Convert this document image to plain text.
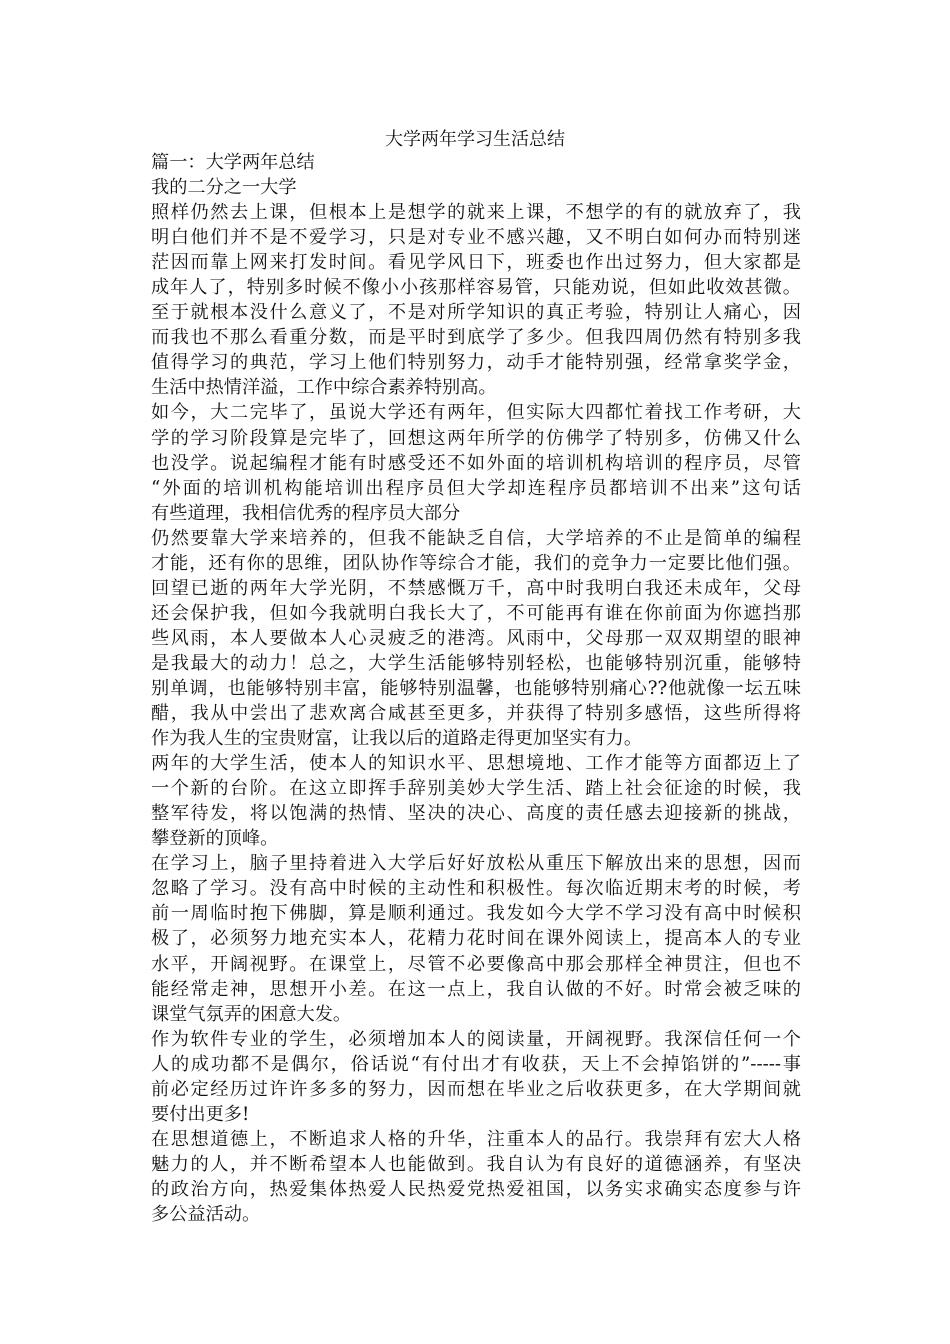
大学两年学习生活总结
篇一：大学两年总结
我的二分之一大学
照样仍然去上课，但根本上是想学的就来上课，不想学的有的就放弃了，我
明白他们并不是不爱学习，只是对专业不感兴趣，又不明白如何办而特别迷
茫因而靠上网来打发时间。看见学风日下，班委也作出过努力，但大家都是
成年人了，特别多时候不像小小孩那样容易管，只能劝说，但如此收效甚微。
至于就根本没什么意义了，不是对所学知识的真正考验，特别让人痛心，因
而我也不那么看重分数，而是平时到底学了多少。但我四周仍然有特别多我
值得学习的典范，学习上他们特别努力，动手才能特别强，经常拿奖学金，
生活中热情洋溢，工作中综合素养特别高。
如今，大二完毕了，虽说大学还有两年，但实际大四都忙着找工作考研，大
学的学习阶段算是完毕了，回想这两年所学的仿佛学了特别多，仿佛又什么
也没学。说起编程才能有时感受还不如外面的培训机构培训的程序员，尽管
“外面的培训机构能培训出程序员但大学却连程序员都培训不出来”这句话
有些道理，我相信优秀的程序员大部分
仍然要靠大学来培养的，但我不能缺乏自信，大学培养的不止是简单的编程
才能，还有你的思维，团队协作等综合才能，我们的竞争力一定要比他们强。
回望已逝的两年大学光阴，不禁感慨万千，高中时我明白我还未成年，父母
还会保护我，但如今我就明白我长大了，不可能再有谁在你前面为你遮挡那
些风雨，本人要做本人心灵疲乏的港湾。风雨中，父母那一双双期望的眼神
是我最大的动力！总之，大学生活能够特别轻松，也能够特别沉重，能够特
别单调，也能够特别丰富，能够特别温馨，也能够特别痛心??他就像一坛五味
醋，我从中尝出了悲欢离合咸甚至更多，并获得了特别多感悟，这些所得将
作为我人生的宝贵财富，让我以后的道路走得更加坚实有力。
两年的大学生活，使本人的知识水平、思想境地、工作才能等方面都迈上了
一个新的台阶。在这立即挥手辞别美妙大学生活、踏上社会征途的时候，我
整军待发，将以饱满的热情、坚决的决心、高度的责任感去迎接新的挑战，
攀登新的顶峰。
在学习上，脑子里持着进入大学后好好放松从重压下解放出来的思想，因而
忽略了学习。没有高中时候的主动性和积极性。每次临近期末考的时候，考
前一周临时抱下佛脚，算是顺利通过。我发如今大学不学习没有高中时候积
极了，必须努力地充实本人，花精力花时间在课外阅读上，提高本人的专业
水平，开阔视野。在课堂上，尽管不必要像高中那会那样全神贯注，但也不
能经常走神，思想开小差。在这一点上，我自认做的不好。时常会被乏味的
课堂气氛弄的困意大发。
作为软件专业的学生，必须增加本人的阅读量，开阔视野。我深信任何一个
人的成功都不是偶尔，俗话说“有付出才有收获，天上不会掉馅饼的”-----事
前必定经历过许许多多的努力，因而想在毕业之后收获更多，在大学期间就
要付出更多!
在思想道德上，不断追求人格的升华，注重本人的品行。我崇拜有宏大人格
魅力的人，并不断希望本人也能做到。我自认为有良好的道德涵养，有坚决
的政治方向，热爱集体热爱人民热爱党热爱祖国，以务实求确实态度参与许
多公益活动。
